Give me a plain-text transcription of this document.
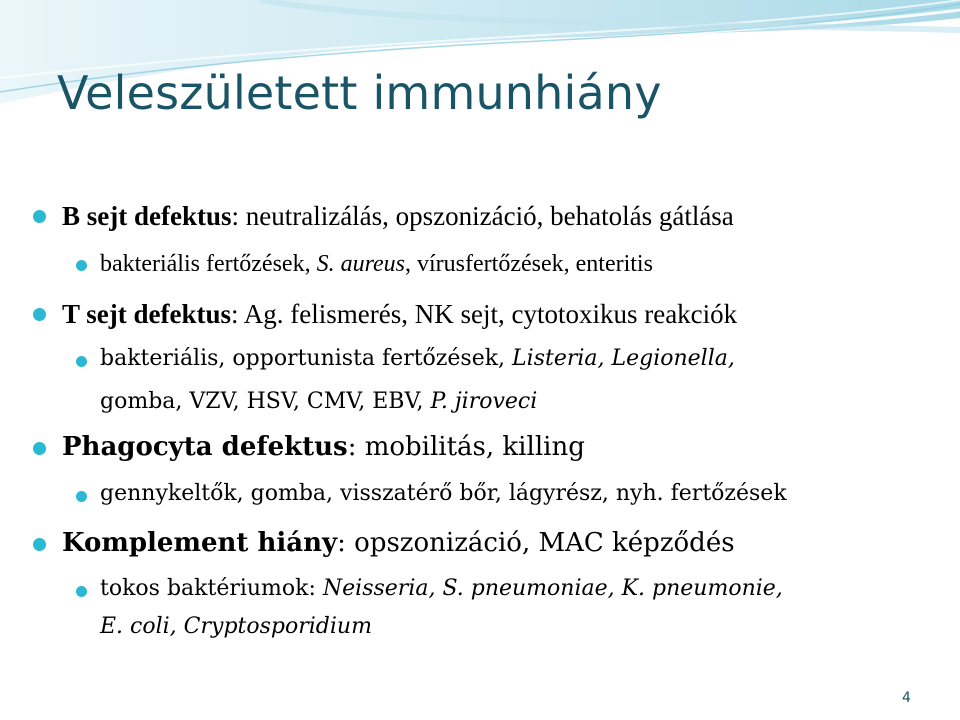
Veleszületett immunhiány
B sejt defektus: neutralizálás, opszonizáció, behatolás gátlása
bakteriális fertőzések, S. aureus, vírusfertőzések, enteritis
T sejt defektus: Ag. felismerés, NK sejt, cytotoxikus reakciók
bakteriális, opportunista fertőzések, Listeria, Legionella,
gomba, VZV, HSV, CMV, EBV, P. jiroveci
Phagocyta defektus: mobilitás, killing
gennykeltők, gomba, visszatérő bőr, lágyrész, nyh. fertőzések
Komplement hiány: opszonizáció, MAC képződés
tokos baktériumok: Neisseria, S. pneumoniae, K. pneumonie,
E. coli, Cryptosporidium
4
